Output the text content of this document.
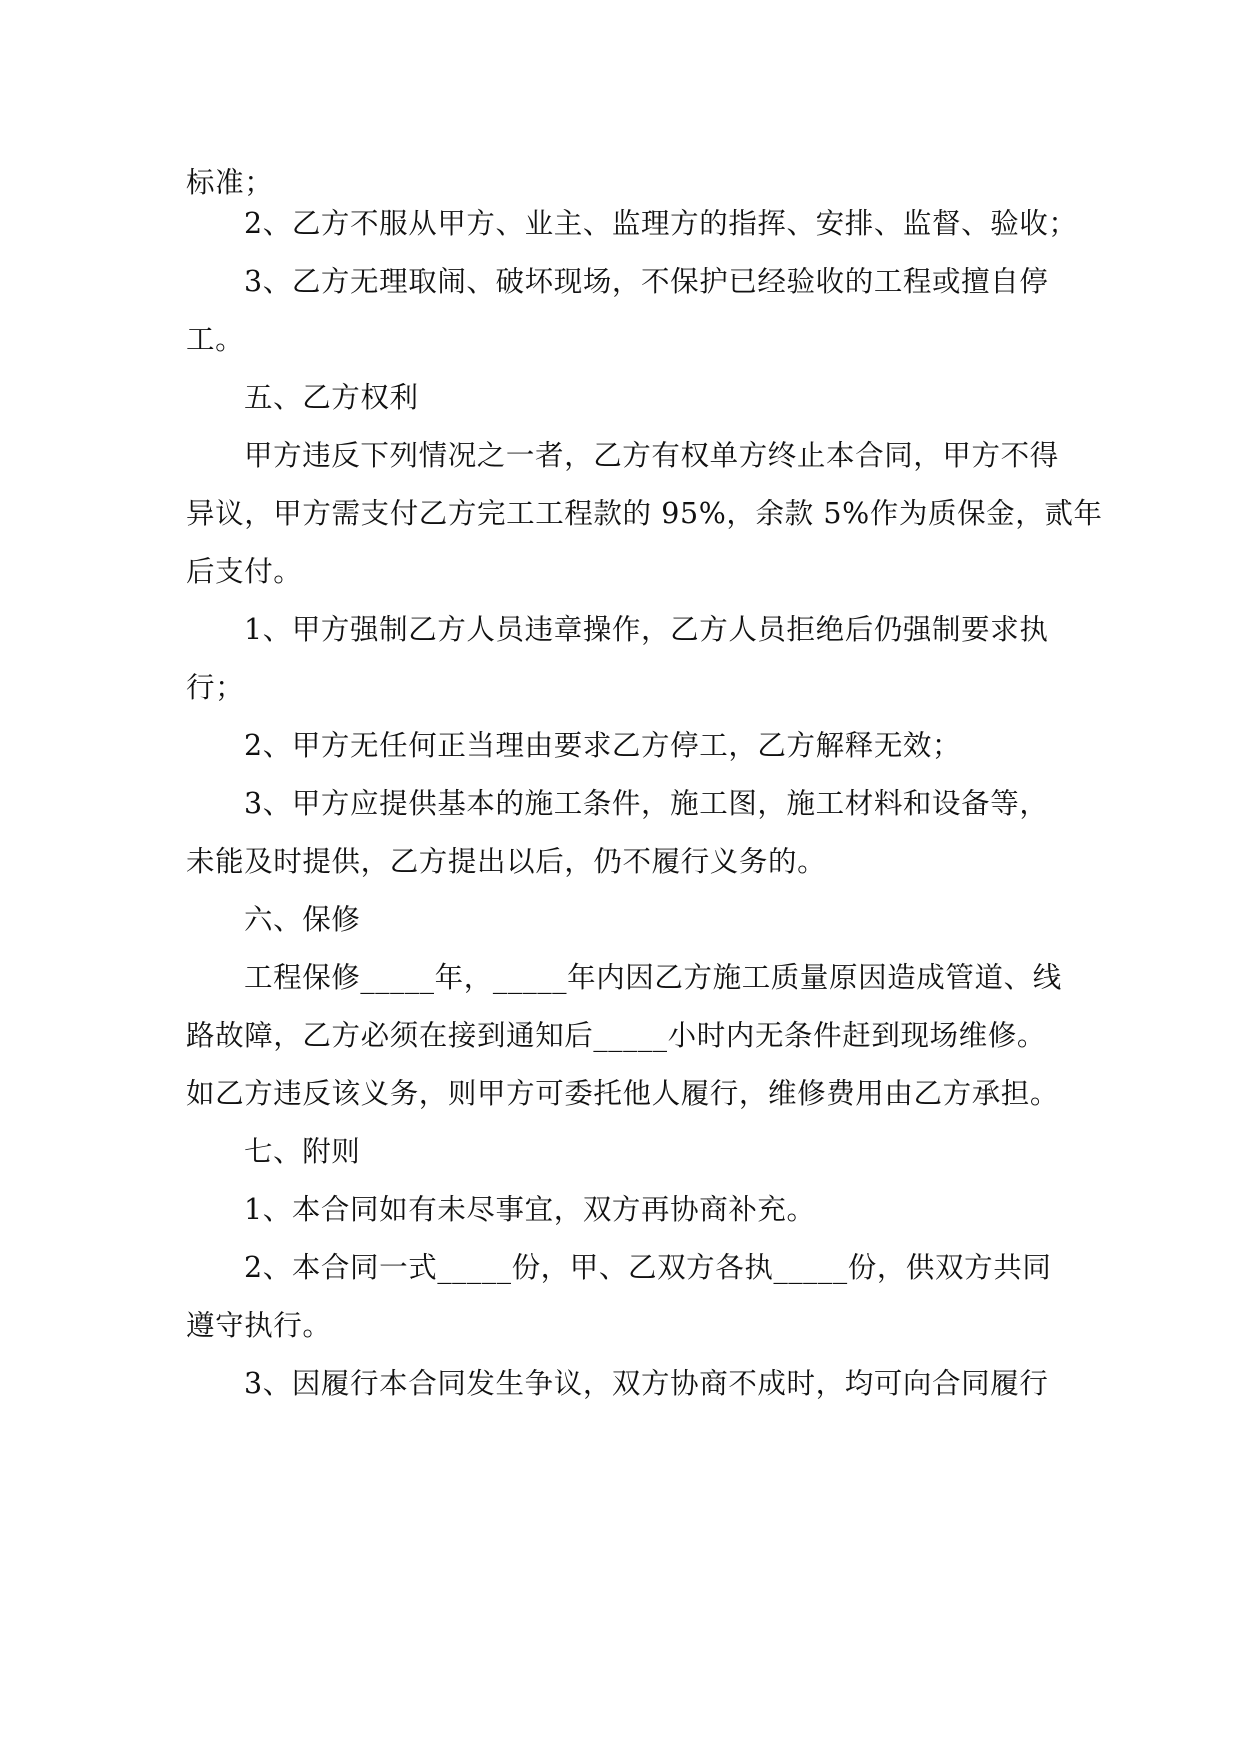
标准；
2、乙方不服从甲方、业主、监理方的指挥、安排、监督、验收；
3、乙方无理取闹、破坏现场，不保护已经验收的工程或擅自停
工。
五、乙方权利
甲方违反下列情况之一者，乙方有权单方终止本合同，甲方不得
异议，甲方需支付乙方完工工程款的 95%，余款 5%作为质保金，贰年
后支付。
1、甲方强制乙方人员违章操作，乙方人员拒绝后仍强制要求执
行；
2、甲方无任何正当理由要求乙方停工，乙方解释无效；
3、甲方应提供基本的施工条件，施工图，施工材料和设备等，
未能及时提供，乙方提出以后，仍不履行义务的。
六、保修
工程保修_____年，_____年内因乙方施工质量原因造成管道、线
路故障，乙方必须在接到通知后_____小时内无条件赶到现场维修。
如乙方违反该义务，则甲方可委托他人履行，维修费用由乙方承担。
七、附则
1、本合同如有未尽事宜，双方再协商补充。
2、本合同一式_____份，甲、乙双方各执_____份，供双方共同
遵守执行。
3、因履行本合同发生争议，双方协商不成时，均可向合同履行
